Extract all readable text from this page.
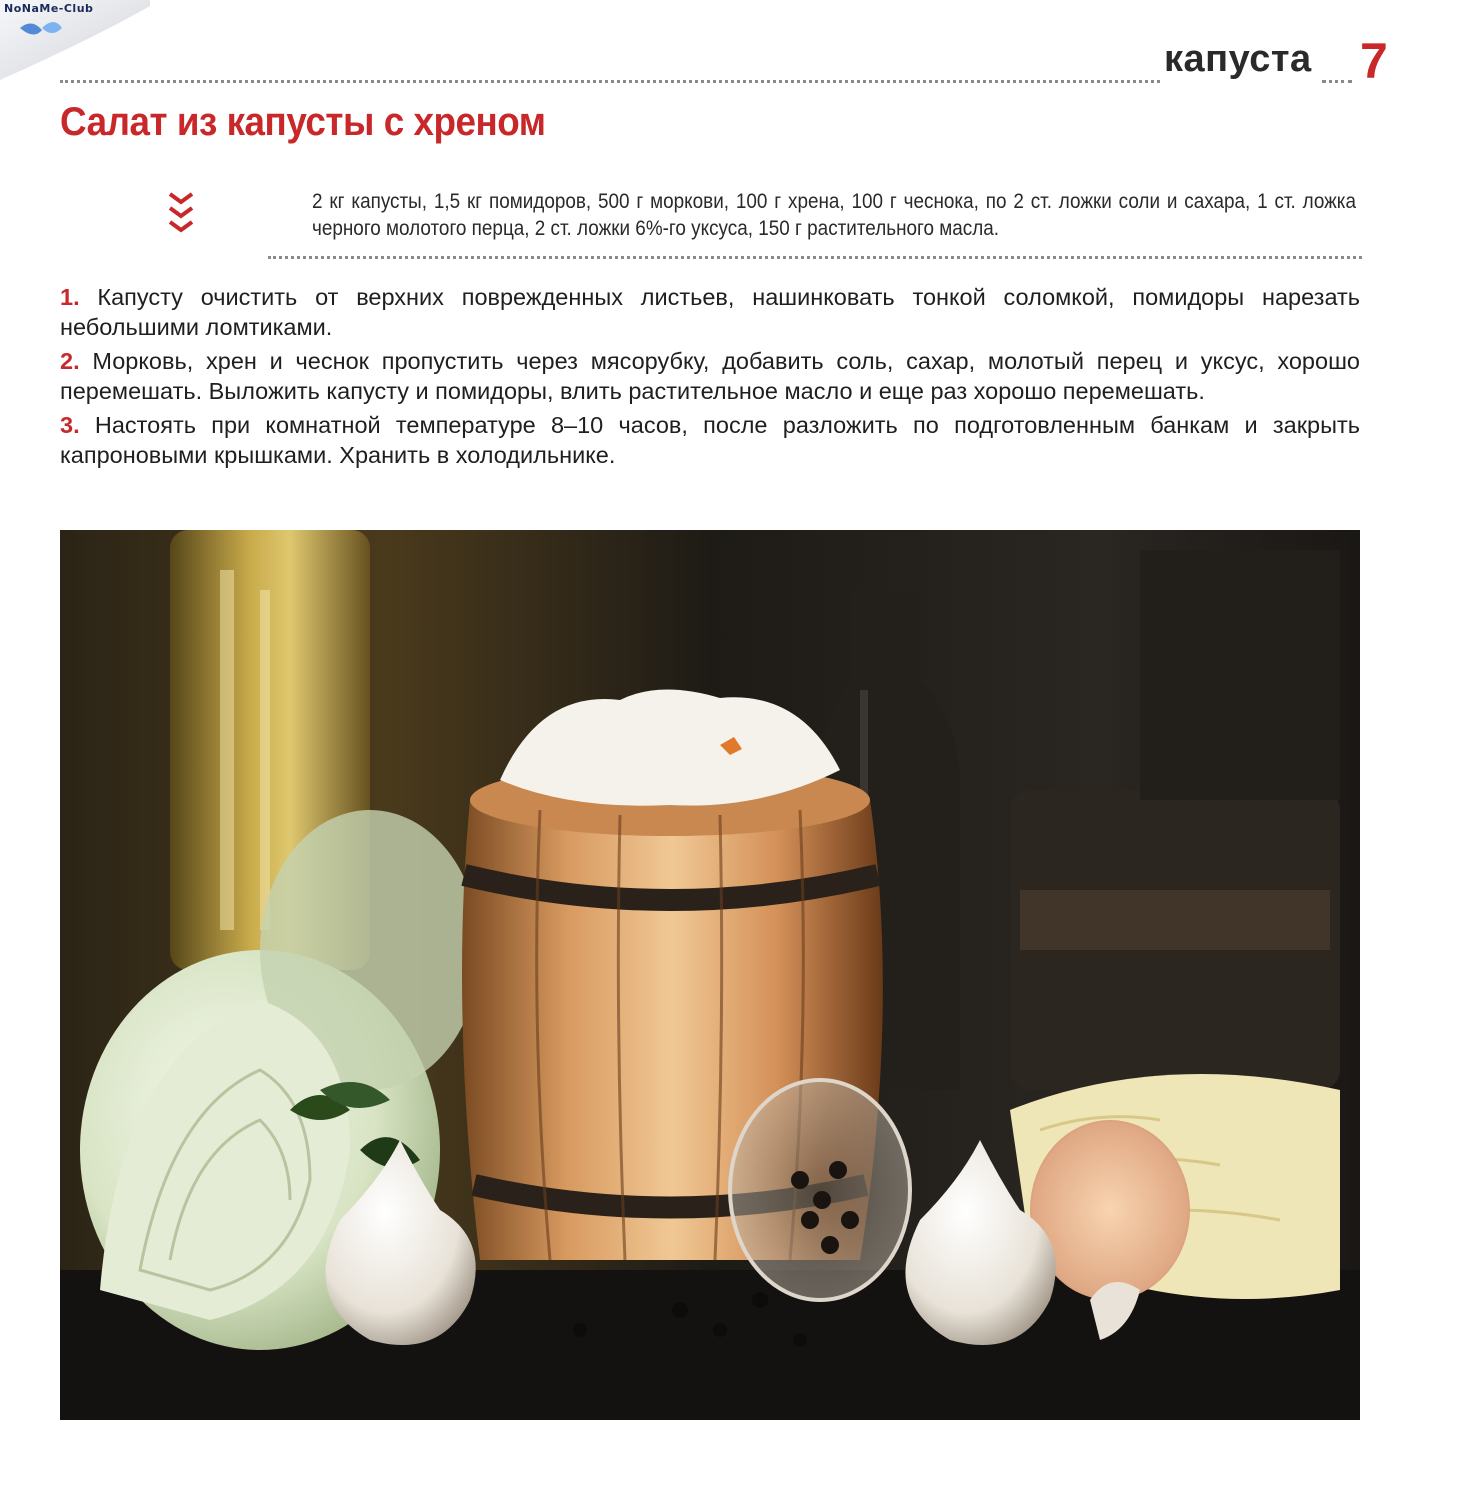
NoNaMe-Club
капуста 7
Салат из капусты с хреном
2 кг капусты, 1,5 кг помидоров, 500 г моркови, 100 г хрена, 100 г чеснока, по 2 ст. ложки соли и сахара, 1 ст. ложка черного молотого перца, 2 ст. ложки 6%-го уксуса, 150 г растительного масла.

1. Капусту очистить от верхних поврежденных листьев, нашинковать тонкой соломкой, помидоры нарезать небольшими ломтиками.

2. Морковь, хрен и чеснок пропустить через мясорубку, добавить соль, сахар, молотый перец и уксус, хорошо перемешать. Выложить капусту и помидоры, влить растительное масло и еще раз хорошо перемешать.

3. Настоять при комнатной температуре 8–10 часов, после разложить по подготовленным банкам и закрыть капроновыми крышками. Хранить в холодильнике.
